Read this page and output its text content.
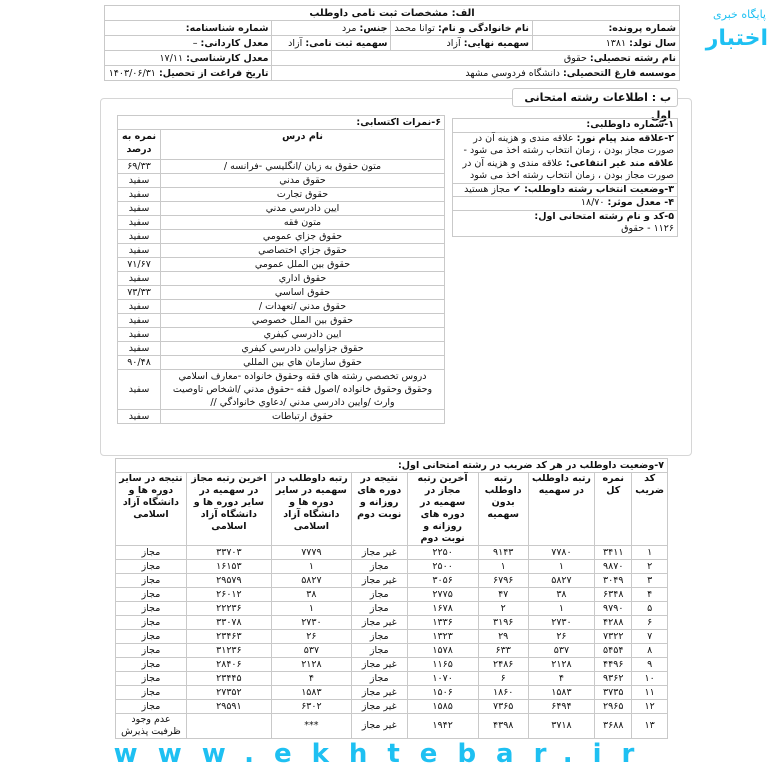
الف: مشخصات ثبت نامی داوطلب			
شماره پرونده:	نام خانوادگی و نام: توانا محمد	جنس: مرد	شماره شناسنامه:
سال تولد: ۱۳۸۱	سهمیه نهایی: آزاد	سهمیه ثبت نامی: آزاد	معدل کاردانی: –
نام رشته تحصیلی: حقوق			معدل کارشناسی: ۱۷/۱۱
موسسه فارغ التحصیلی: دانشگاه فردوسي مشهد			تاریخ فراغت از تحصیل: ۱۴۰۳/۰۶/۳۱
ب : اطلاعات رشته امتحانی اول
۱-شماره داوطلبی:
۲-علاقه مند پیام نور: علاقه مندی و هزینه آن در صورت مجاز بودن ، زمان انتخاب رشته اخذ می شود - علاقه مند غیر انتفاعی: علاقه مندی و هزینه آن در صورت مجاز بودن ، زمان انتخاب رشته اخذ می شود
۳-وضعیت انتخاب رشته داوطلب: ✔ مجاز هستید
۴- معدل موثر: ۱۸/۷۰
۵-کد و نام رشته امتحانی اول:
۱۱۲۶ - حقوق
۶-نمرات اکتسابی:	
نام درس	نمره به درصد
متون حقوق به زبان /انگلیسي -فرانسه /	۶۹/۳۳
حقوق مدني	سفید
حقوق تجارت	سفید
ايين دادرسي مدني	سفید
متون فقه	سفید
حقوق جزاي عمومي	سفید
حقوق جزاي اختصاصي	سفید
حقوق بين الملل عمومي	۷۱/۶۷
حقوق اداري	سفید
حقوق اساسي	۷۳/۳۳
حقوق مدني /تعهدات /	سفید
حقوق بين الملل خصوصي	سفید
ايين دادرسي كيفري	سفید
حقوق جزاوايين دادرسي كيفري	سفید
حقوق سازمان هاي بين المللي	۹۰/۴۸
دروس تخصصي رشته هاي فقه وحقوق خانواده -معارف اسلامي وحقوق وحقوق خانواده /اصول فقه -حقوق مدني /اشخاص تاوصيت وارث /وايين دادرسي مدني /دعاوي خانوادگي //	سفید
حقوق ارتباطات	سفید
۷-وضعیت داوطلب در هر کد ضریب در رشته امتحانی اول:								
کد ضریب	نمره کل	رتبه داوطلب در سهمیه	رتبه داوطلب بدون سهمیه	آخرین رتبه مجاز در سهمیه در دوره های روزانه و نوبت دوم	نتیجه در دوره های روزانه و نوبت دوم	رتبه داوطلب در سهمیه در سایر دوره ها و دانشگاه آزاد اسلامی	اخرین رتبه مجاز در سهمیه در سایر دوره ها و دانشگاه آزاد اسلامی	نتیجه در سایر دوره ها و دانشگاه آزاد اسلامی
۱	۳۴۱۱	۷۷۸۰	۹۱۴۳	۲۲۵۰	غیر مجاز	۷۷۷۹	۳۳۷۰۳	مجاز
۲	۹۸۷۰	۱	۱	۲۵۰۰	مجاز	۱	۱۶۱۵۳	مجاز
۳	۳۰۴۹	۵۸۲۷	۶۷۹۶	۳۰۵۶	غیر مجاز	۵۸۲۷	۲۹۵۷۹	مجاز
۴	۶۳۴۸	۳۸	۴۷	۲۷۷۵	مجاز	۳۸	۲۶۰۱۲	مجاز
۵	۹۷۹۰	۱	۲	۱۶۷۸	مجاز	۱	۲۲۲۳۶	مجاز
۶	۴۲۸۸	۲۷۳۰	۳۱۹۶	۱۳۳۶	غیر مجاز	۲۷۳۰	۳۳۰۷۸	مجاز
۷	۷۳۲۲	۲۶	۲۹	۱۳۲۳	مجاز	۲۶	۲۳۴۶۳	مجاز
۸	۵۴۵۴	۵۳۷	۶۳۳	۱۵۷۸	مجاز	۵۳۷	۳۱۲۳۶	مجاز
۹	۴۴۹۶	۲۱۲۸	۲۴۸۶	۱۱۶۵	غیر مجاز	۲۱۲۸	۲۸۴۰۶	مجاز
۱۰	۹۳۶۲	۴	۶	۱۰۷۰	مجاز	۴	۲۳۴۴۵	مجاز
۱۱	۳۷۳۵	۱۵۸۳	۱۸۶۰	۱۵۰۶	غیر مجاز	۱۵۸۳	۲۷۳۵۲	مجاز
۱۲	۲۹۶۵	۶۴۹۴	۷۳۶۵	۱۵۸۵	غیر مجاز	۶۳۰۲	۲۹۵۹۱	مجاز
۱۳	۳۶۸۸	۳۷۱۸	۴۳۹۸	۱۹۴۲	غیر مجاز	***		عدم وجود ظرفیت پذیرش
پایگاه خبری
اختبار
www.ekhtebar.ir
